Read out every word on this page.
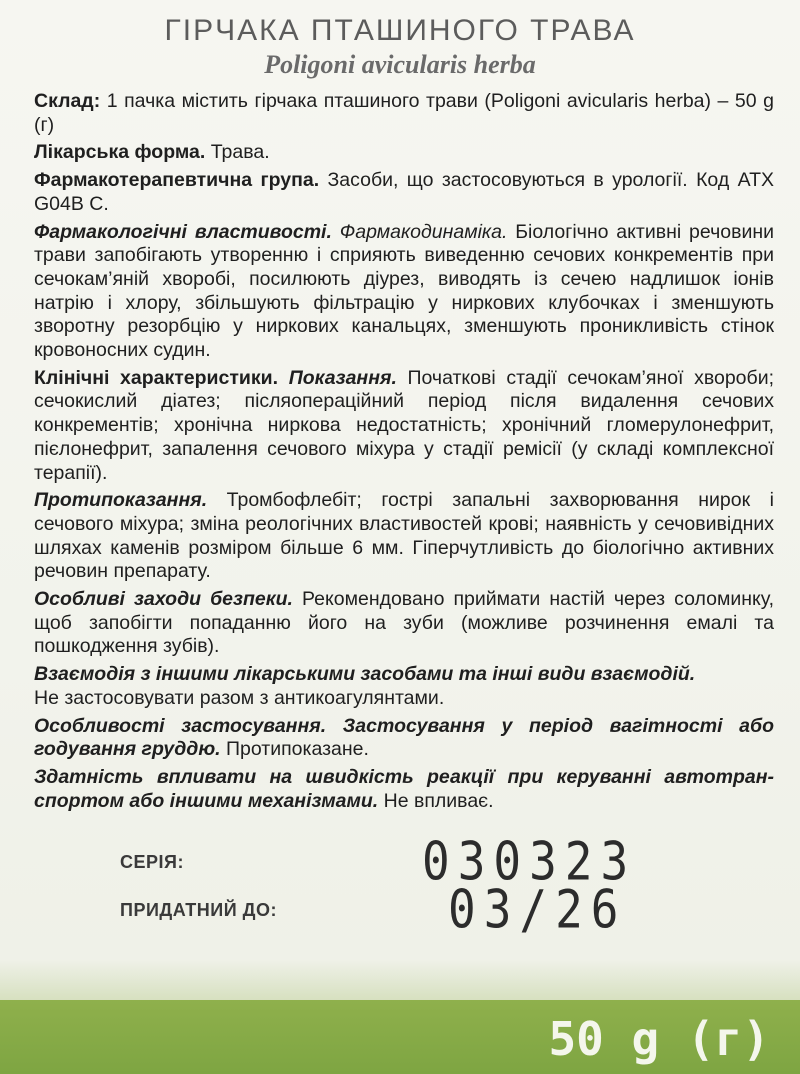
ГІРЧАКА ПТАШИНОГО ТРАВА
Poligoni avicularis herba

Склад: 1 пачка містить гірчака пташиного трави (Poligoni avicularis herba) – 50 g (г)

Лікарська форма. Трава.

Фармакотерапевтична група. Засоби, що застосовуються в урології. Код АТХ G04B C.

Фармакологічні властивості. Фармакодинаміка. Біологічно активні речовини трави запобігають утворенню і сприяють виведенню сечових конкрементів при сечокам’яній хворобі, посилюють діурез, виводять із сечею надлишок іонів натрію і хлору, збільшують фільтрацію у ниркових клубочках і зменшують зворотну резорбцію у ниркових канальцях, зменшують проникливість стінок кровоносних судин.

Клінічні характеристики. Показання. Початкові стадії сечокам’яної хвороби; сечокислий діатез; післяопераційний період після видалення сечових конкрементів; хронічна ниркова недостатність; хронічний гломерулонефрит, пієлонефрит, запалення сечового міхура у стадії ремісії (у складі комплексної терапії).

Протипоказання. Тромбофлебіт; гострі запальні захворювання нирок і сечового міхура; зміна реологічних властивостей крові; наявність у сечовивідних шляхах каменів розміром більше 6 мм. Гіперчутливість до біологічно активних речовин препарату.

Особливі заходи безпеки. Рекомендовано приймати настій через соломинку, щоб запобігти попаданню його на зуби (можливе розчинення емалі та пошкодження зубів).

Взаємодія з іншими лікарськими засобами та інші види взаємодій.
Не застосовувати разом з антикоагулянтами.

Особливості застосування. Застосування у період вагітності або годування груддю. Протипоказане.

Здатність впливати на швидкість реакції при керуванні автотранспортом або іншими механізмами. Не впливає.

СЕРІЯ:	030323
ПРИДАТНИЙ ДО:	03/26
50 g (г)
